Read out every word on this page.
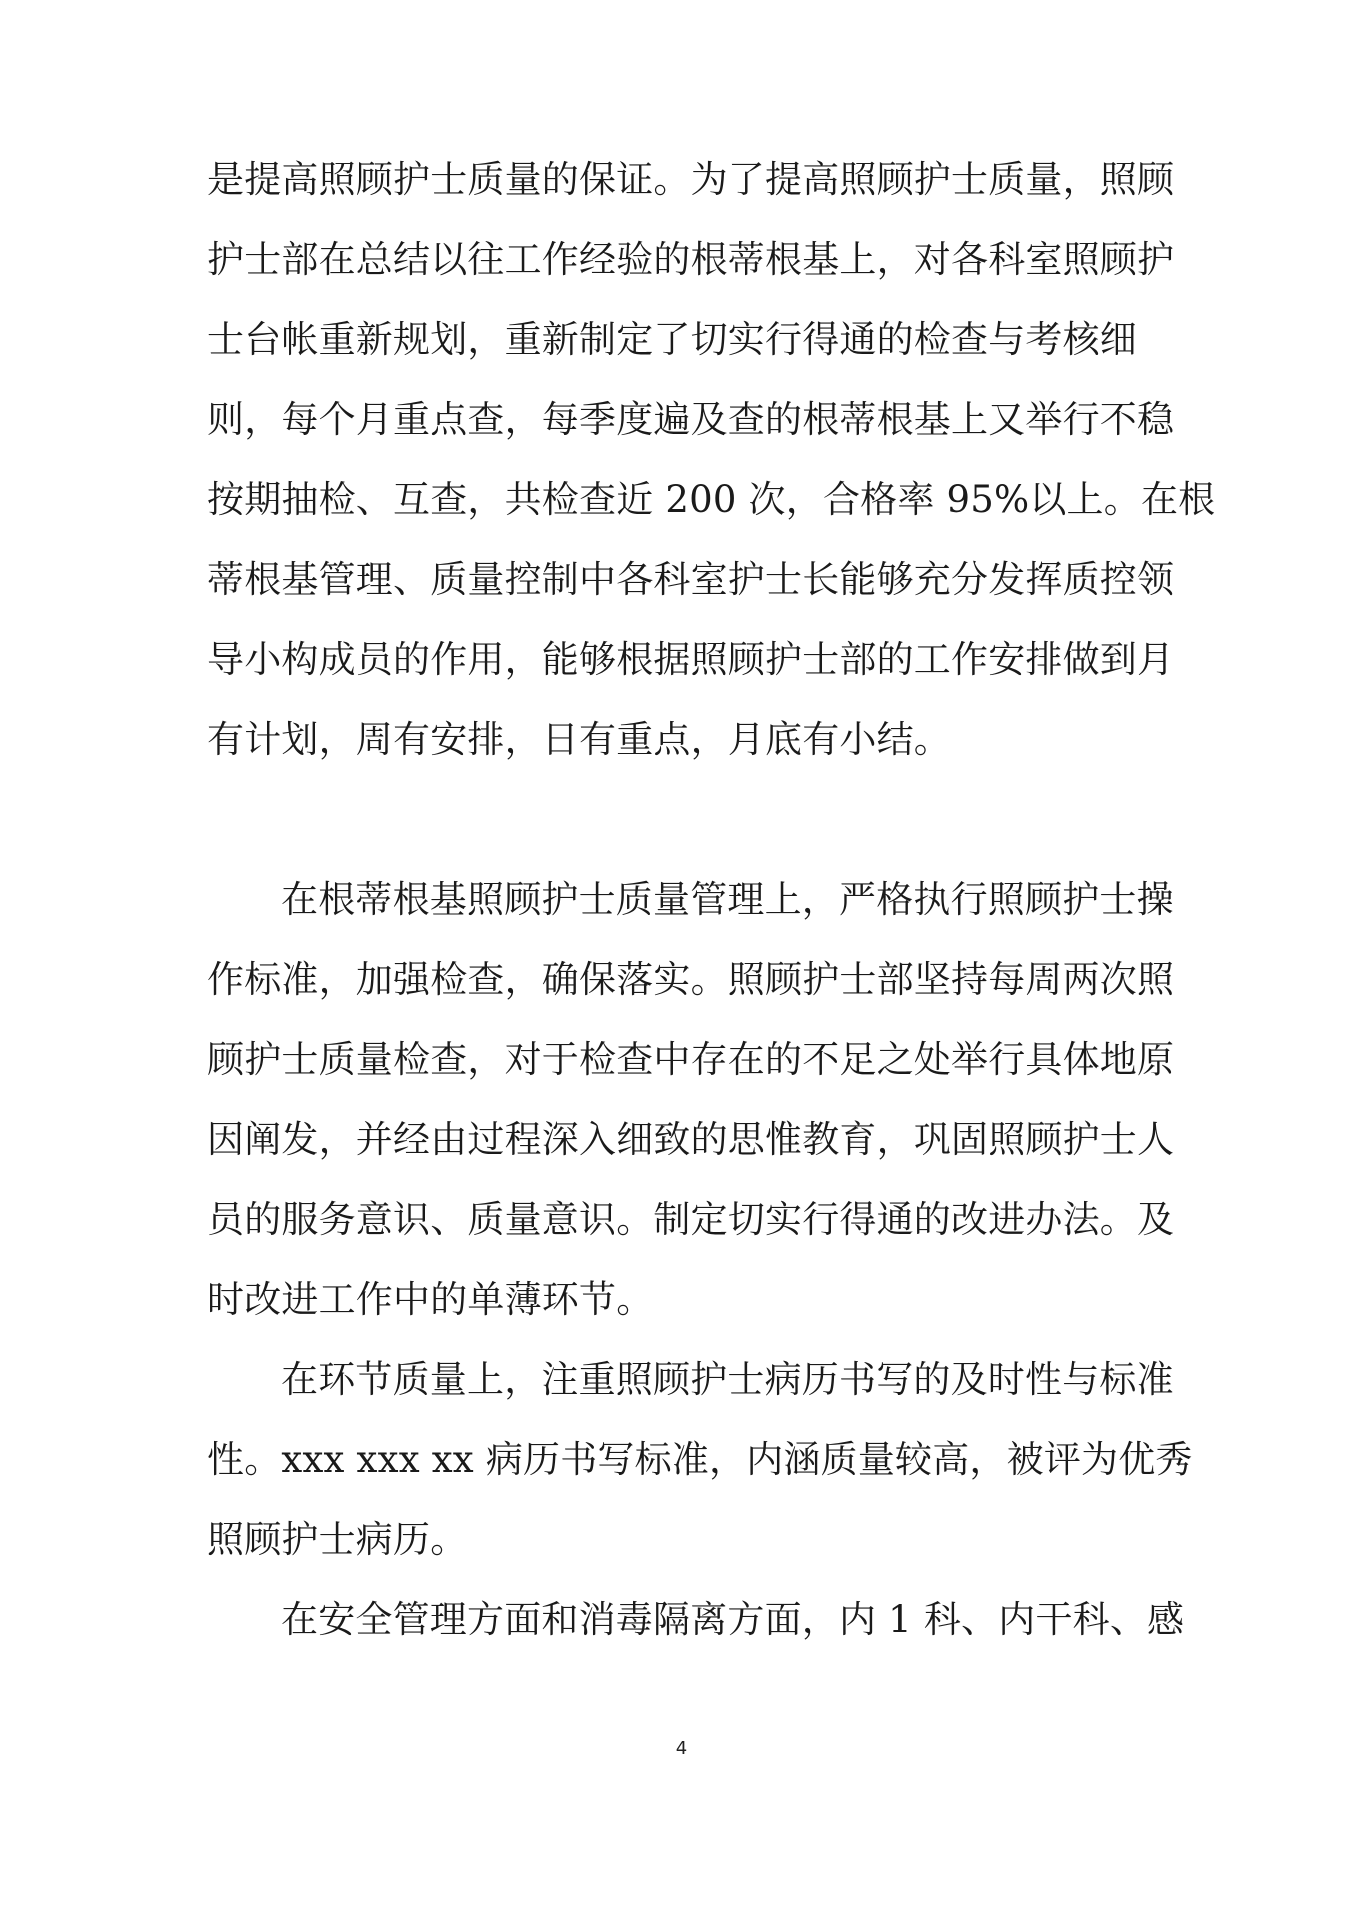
是提高照顾护士质量的保证。为了提高照顾护士质量，照顾
护士部在总结以往工作经验的根蒂根基上，对各科室照顾护
士台帐重新规划，重新制定了切实行得通的检查与考核细
则，每个月重点查，每季度遍及查的根蒂根基上又举行不稳
按期抽检、互查，共检查近 200 次，合格率 95%以上。在根
蒂根基管理、质量控制中各科室护士长能够充分发挥质控领
导小构成员的作用，能够根据照顾护士部的工作安排做到月
有计划，周有安排，日有重点，月底有小结。
在根蒂根基照顾护士质量管理上，严格执行照顾护士操
作标准，加强检查，确保落实。照顾护士部坚持每周两次照
顾护士质量检查，对于检查中存在的不足之处举行具体地原
因阐发，并经由过程深入细致的思惟教育，巩固照顾护士人
员的服务意识、质量意识。制定切实行得通的改进办法。及
时改进工作中的单薄环节。
在环节质量上，注重照顾护士病历书写的及时性与标准
性。xxx xxx xx 病历书写标准，内涵质量较高，被评为优秀
照顾护士病历。
在安全管理方面和消毒隔离方面，内 1 科、内干科、感
4
